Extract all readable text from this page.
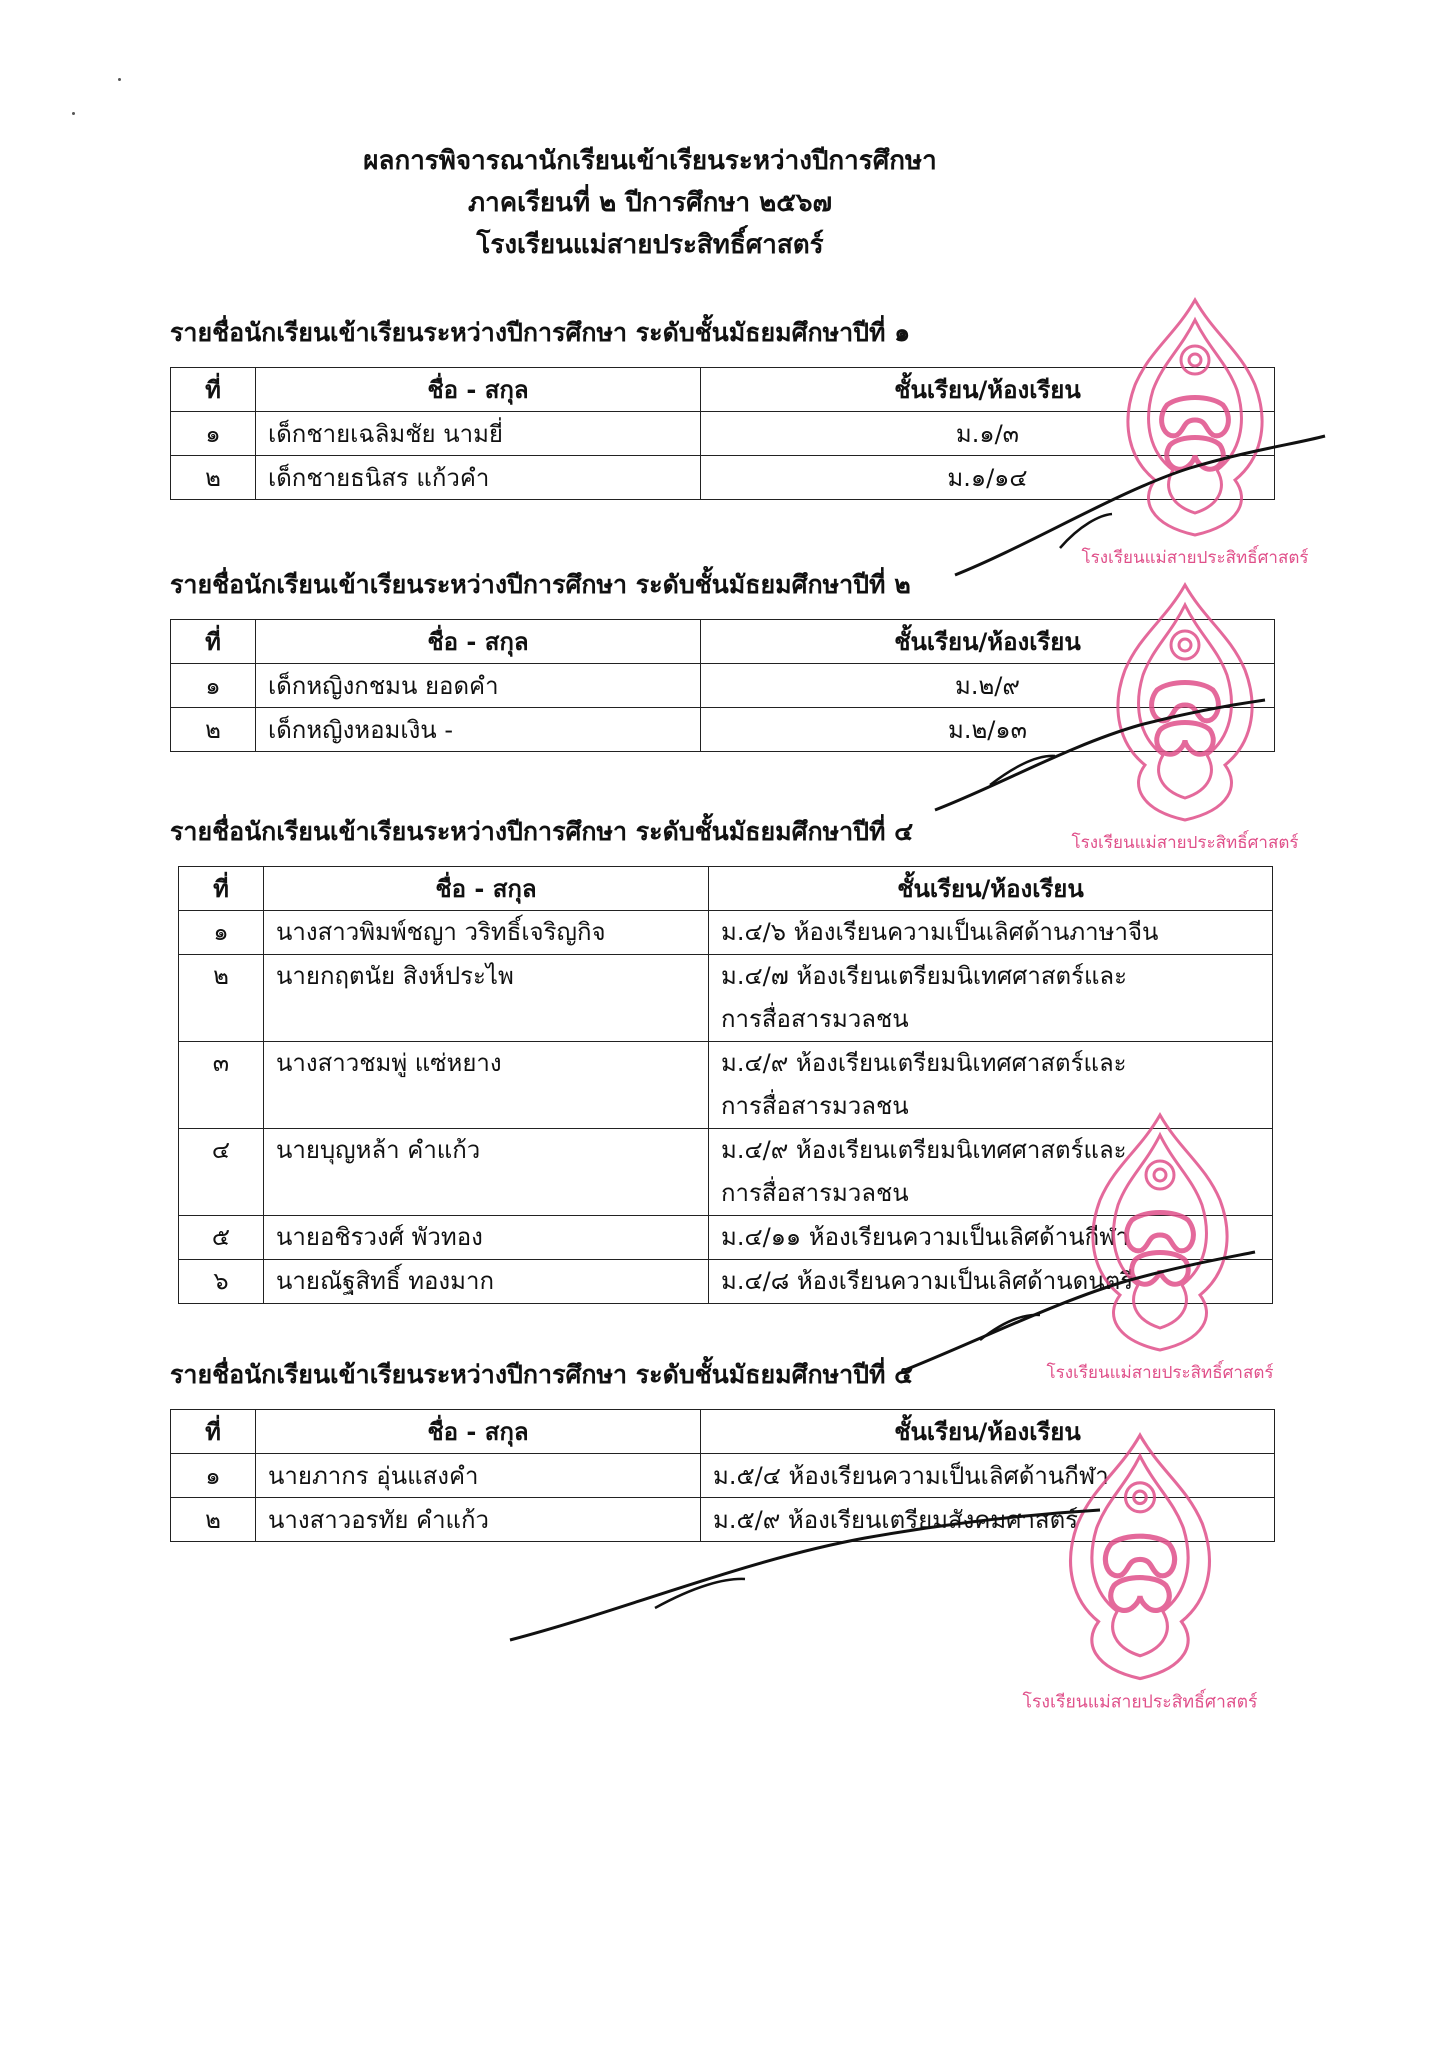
ผลการพิจารณานักเรียนเข้าเรียนระหว่างปีการศึกษา
ภาคเรียนที่ ๒ ปีการศึกษา ๒๕๖๗
โรงเรียนแม่สายประสิทธิ์ศาสตร์
รายชื่อนักเรียนเข้าเรียนระหว่างปีการศึกษา ระดับชั้นมัธยมศึกษาปีที่ ๑
ที่	ชื่อ - สกุล	ชั้นเรียน/ห้องเรียน
๑	เด็กชายเฉลิมชัย นามยี่	ม.๑/๓
๒	เด็กชายธนิสร แก้วคำ	ม.๑/๑๔
รายชื่อนักเรียนเข้าเรียนระหว่างปีการศึกษา ระดับชั้นมัธยมศึกษาปีที่ ๒
ที่	ชื่อ - สกุล	ชั้นเรียน/ห้องเรียน
๑	เด็กหญิงกชมน ยอดคำ	ม.๒/๙
๒	เด็กหญิงหอมเงิน -	ม.๒/๑๓
รายชื่อนักเรียนเข้าเรียนระหว่างปีการศึกษา ระดับชั้นมัธยมศึกษาปีที่ ๔
ที่	ชื่อ - สกุล	ชั้นเรียน/ห้องเรียน
๑	นางสาวพิมพ์ชญา วริทธิ์เจริญกิจ	ม.๔/๖ ห้องเรียนความเป็นเลิศด้านภาษาจีน

๒	นายกฤตนัย สิงห์ประไพ	ม.๔/๗ ห้องเรียนเตรียมนิเทศศาสตร์และ
การสื่อสารมวลชน

๓	นางสาวชมพู่ แซ่หยาง	ม.๔/๙ ห้องเรียนเตรียมนิเทศศาสตร์และ
การสื่อสารมวลชน

๔	นายบุญหล้า คำแก้ว	ม.๔/๙ ห้องเรียนเตรียมนิเทศศาสตร์และ
การสื่อสารมวลชน

๕	นายอชิรวงศ์ พัวทอง	ม.๔/๑๑ ห้องเรียนความเป็นเลิศด้านกีฬา

๖	นายณัฐสิทธิ์ ทองมาก	ม.๔/๘ ห้องเรียนความเป็นเลิศด้านดนตรี
รายชื่อนักเรียนเข้าเรียนระหว่างปีการศึกษา ระดับชั้นมัธยมศึกษาปีที่ ๕
ที่	ชื่อ - สกุล	ชั้นเรียน/ห้องเรียน
๑	นายภากร อุ่นแสงคำ	ม.๕/๔ ห้องเรียนความเป็นเลิศด้านกีฬา
๒	นางสาวอรทัย คำแก้ว	ม.๕/๙ ห้องเรียนเตรียมสังคมศาสตร์
โรงเรียนแม่สายประสิทธิ์ศาสตร์
โรงเรียนแม่สายประสิทธิ์ศาสตร์
โรงเรียนแม่สายประสิทธิ์ศาสตร์
โรงเรียนแม่สายประสิทธิ์ศาสตร์
